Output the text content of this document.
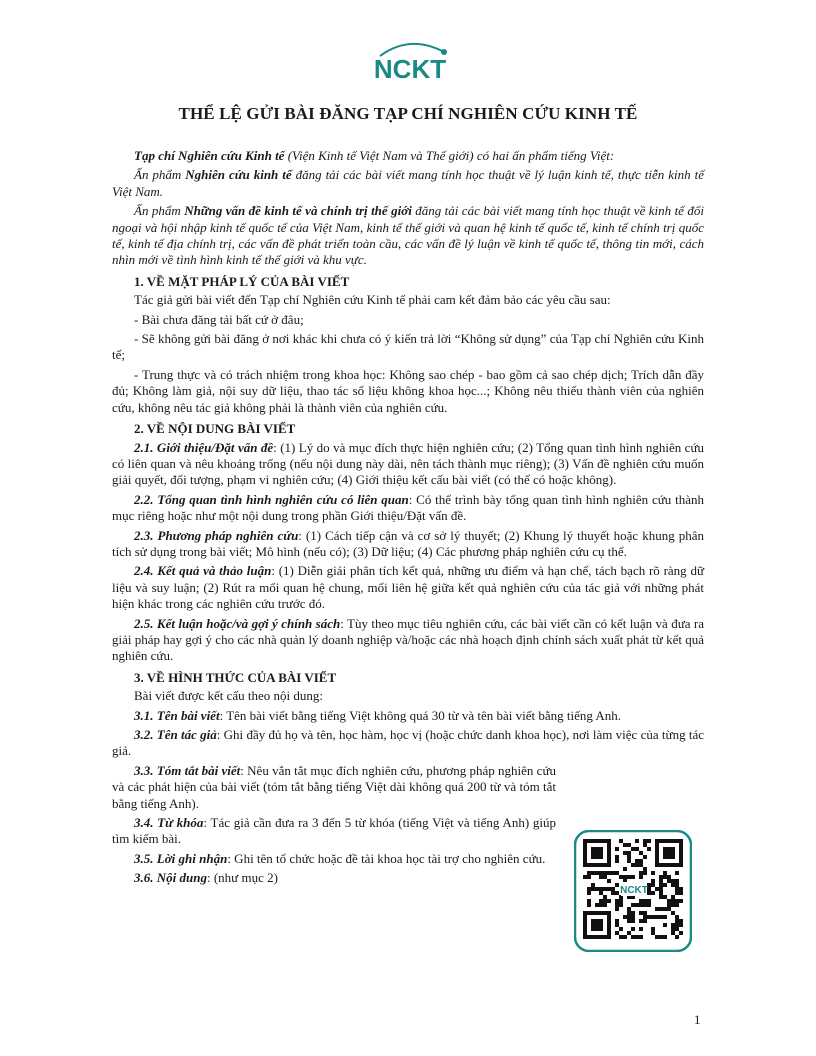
NCKT
THỂ LỆ GỬI BÀI ĐĂNG TẠP CHÍ NGHIÊN CỨU KINH TẾ

Tạp chí Nghiên cứu Kinh tế (Viện Kinh tế Việt Nam và Thế giới) có hai ấn phẩm tiếng Việt:

Ấn phẩm Nghiên cứu kinh tế đăng tải các bài viết mang tính học thuật về lý luận kinh tế, thực tiễn kinh tế Việt Nam.

Ấn phẩm Những vấn đề kinh tế và chính trị thế giới đăng tải các bài viết mang tính học thuật về kinh tế đối ngoại và hội nhập kinh tế quốc tế của Việt Nam, kinh tế thế giới và quan hệ kinh tế quốc tế, kinh tế chính trị quốc tế, kinh tế địa chính trị, các vấn đề phát triển toàn cầu, các vấn đề lý luận về kinh tế quốc tế, thông tin mới, cách nhìn mới về tình hình kinh tế thế giới và khu vực.

1. VỀ MẶT PHÁP LÝ CỦA BÀI VIẾT

Tác giả gửi bài viết đến Tạp chí Nghiên cứu Kinh tế phải cam kết đảm bảo các yêu cầu sau:

- Bài chưa đăng tải bất cứ ở đâu;

- Sẽ không gửi bài đăng ở nơi khác khi chưa có ý kiến trả lời “Không sử dụng” của Tạp chí Nghiên cứu Kinh tế;

- Trung thực và có trách nhiệm trong khoa học: Không sao chép - bao gồm cả sao chép dịch; Trích dẫn đầy đủ; Không làm giả, nội suy dữ liệu, thao tác số liệu không khoa học...; Không nêu thiếu thành viên của nghiên cứu, không nêu tác giả không phải là thành viên của nghiên cứu.

2. VỀ NỘI DUNG BÀI VIẾT

2.1. Giới thiệu/Đặt vấn đề: (1) Lý do và mục đích thực hiện nghiên cứu; (2) Tổng quan tình hình nghiên cứu có liên quan và nêu khoảng trống (nếu nội dung này dài, nên tách thành mục riêng); (3) Vấn đề nghiên cứu muốn giải quyết, đối tượng, phạm vi nghiên cứu; (4) Giới thiệu kết cấu bài viết (có thể có hoặc không).

2.2. Tổng quan tình hình nghiên cứu có liên quan: Có thể trình bày tổng quan tình hình nghiên cứu thành mục riêng hoặc như một nội dung trong phần Giới thiệu/Đặt vấn đề.

2.3. Phương pháp nghiên cứu: (1) Cách tiếp cận và cơ sở lý thuyết; (2) Khung lý thuyết hoặc khung phân tích sử dụng trong bài viết; Mô hình (nếu có); (3) Dữ liệu; (4) Các phương pháp nghiên cứu cụ thể.

2.4. Kết quả và thảo luận: (1) Diễn giải phân tích kết quả, những ưu điểm và hạn chế, tách bạch rõ ràng dữ liệu và suy luận; (2) Rút ra mối quan hệ chung, mối liên hệ giữa kết quả nghiên cứu của tác giả với những phát hiện khác trong các nghiên cứu trước đó.

2.5. Kết luận hoặc/và gợi ý chính sách: Tùy theo mục tiêu nghiên cứu, các bài viết cần có kết luận và đưa ra giải pháp hay gợi ý cho các nhà quản lý doanh nghiệp và/hoặc các nhà hoạch định chính sách xuất phát từ kết quả nghiên cứu.

3. VỀ HÌNH THỨC CỦA BÀI VIẾT

Bài viết được kết cấu theo nội dung:

3.1. Tên bài viết: Tên bài viết bằng tiếng Việt không quá 30 từ và tên bài viết bằng tiếng Anh.

3.2. Tên tác giả: Ghi đầy đủ họ và tên, học hàm, học vị (hoặc chức danh khoa học), nơi làm việc của từng tác giả.

3.3. Tóm tắt bài viết: Nêu vắn tắt mục đích nghiên cứu, phương pháp nghiên cứu và các phát hiện của bài viết (tóm tắt bằng tiếng Việt dài không quá 200 từ và tóm tắt bằng tiếng Anh).

3.4. Từ khóa: Tác giả cần đưa ra 3 đến 5 từ khóa (tiếng Việt và tiếng Anh) giúp tìm kiếm bài.

3.5. Lời ghi nhận: Ghi tên tổ chức hoặc đề tài khoa học tài trợ cho nghiên cứu.

3.6. Nội dung: (như mục 2)

NCKT
1
